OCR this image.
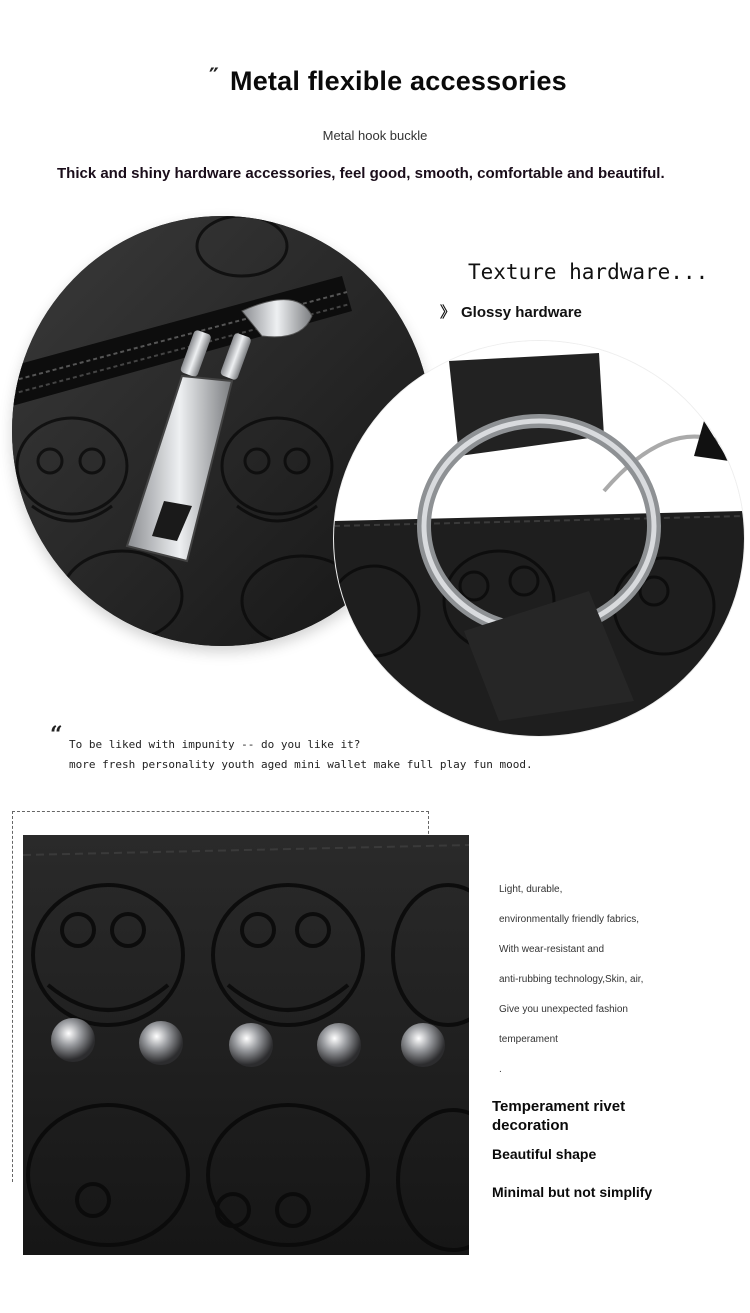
″ Metal flexible accessories
Metal hook buckle
Thick and shiny hardware accessories, feel good, smooth, comfortable and beautiful.
Texture hardware...
》 Glossy hardware
“ To be liked with impunity -- do you like it?
more fresh personality youth aged mini wallet make full play fun mood.
Light, durable,
environmentally friendly fabrics,
With wear-resistant and
anti-rubbing technology,Skin, air,
Give you unexpected fashion
temperament
.
Temperament rivet decoration
Beautiful shape
Minimal but not simplify
